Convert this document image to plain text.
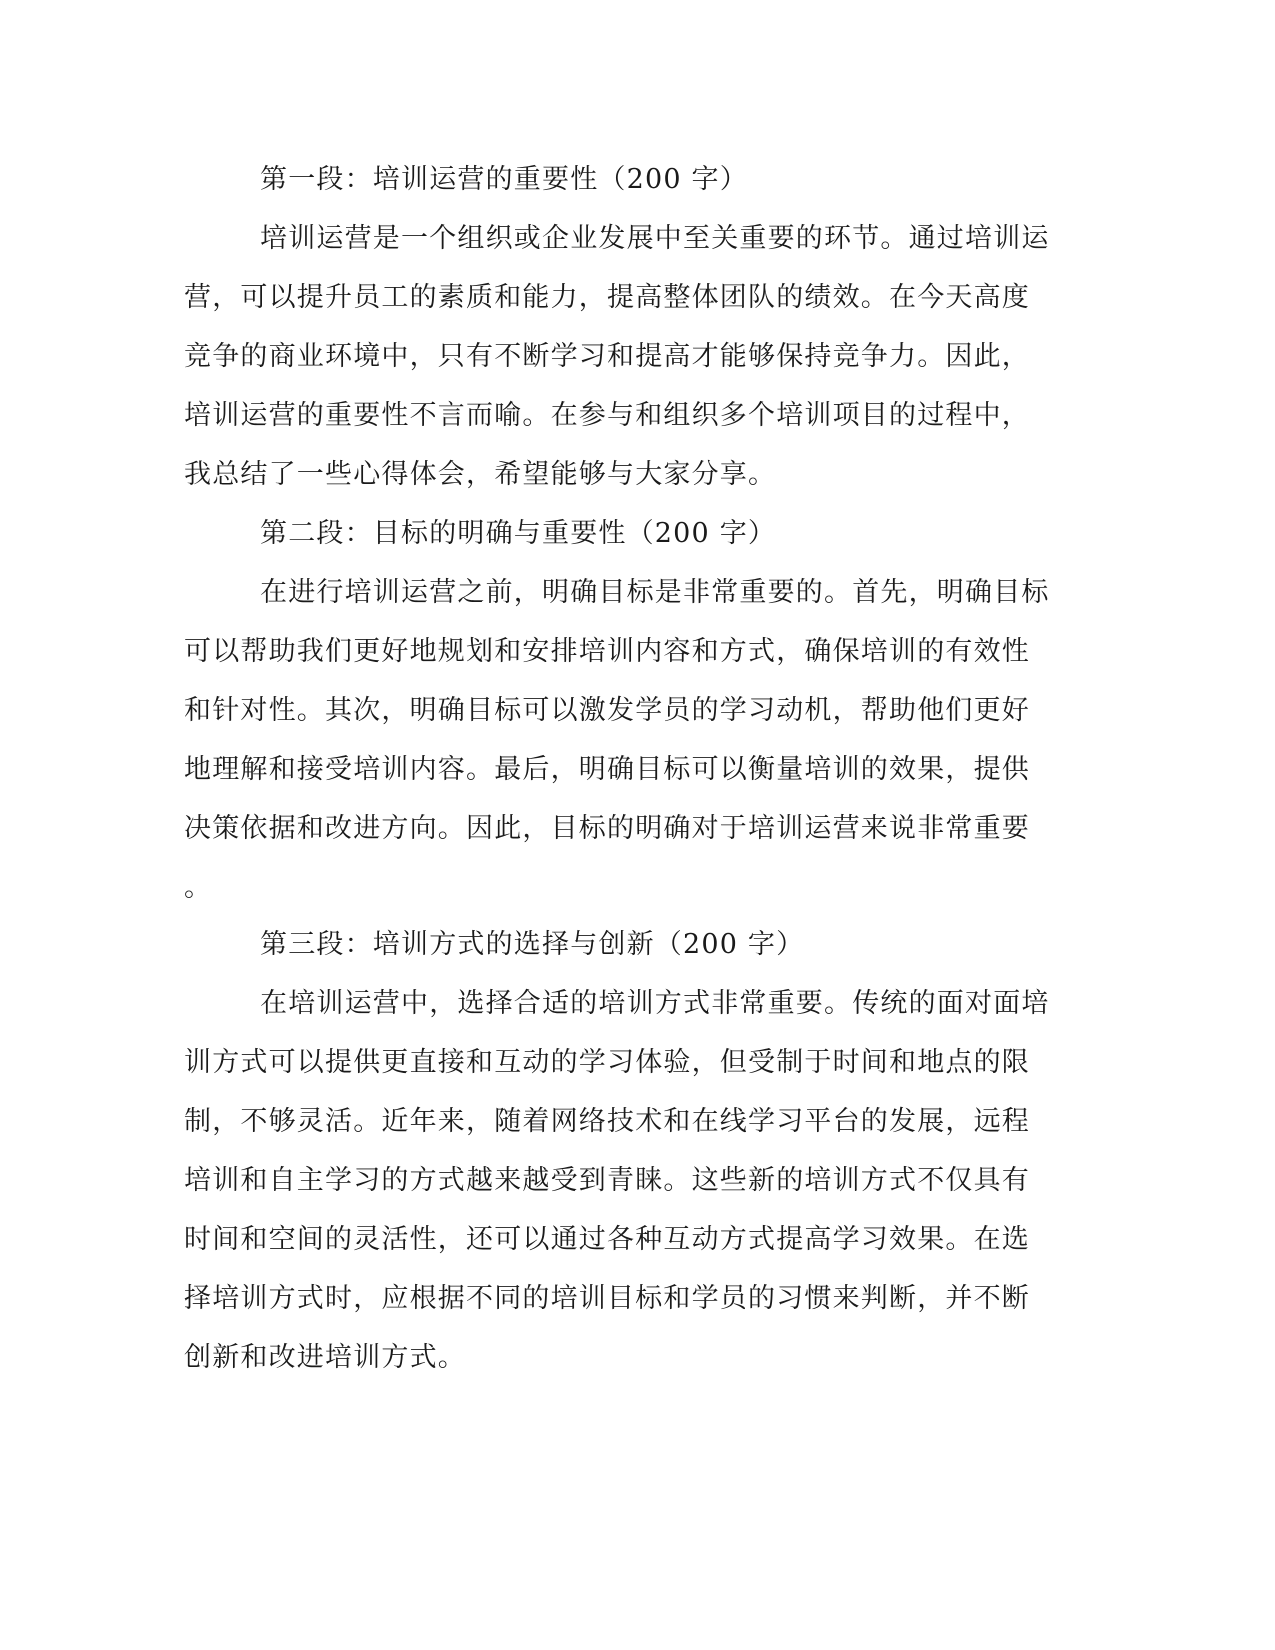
第一段：培训运营的重要性（200 字）

培训运营是一个组织或企业发展中至关重要的环节。通过培训运

营，可以提升员工的素质和能力，提高整体团队的绩效。在今天高度

竞争的商业环境中，只有不断学习和提高才能够保持竞争力。因此，

培训运营的重要性不言而喻。在参与和组织多个培训项目的过程中，

我总结了一些心得体会，希望能够与大家分享。

第二段：目标的明确与重要性（200 字）

在进行培训运营之前，明确目标是非常重要的。首先，明确目标

可以帮助我们更好地规划和安排培训内容和方式，确保培训的有效性

和针对性。其次，明确目标可以激发学员的学习动机，帮助他们更好

地理解和接受培训内容。最后，明确目标可以衡量培训的效果，提供

决策依据和改进方向。因此，目标的明确对于培训运营来说非常重要

。

第三段：培训方式的选择与创新（200 字）

在培训运营中，选择合适的培训方式非常重要。传统的面对面培

训方式可以提供更直接和互动的学习体验，但受制于时间和地点的限

制，不够灵活。近年来，随着网络技术和在线学习平台的发展，远程

培训和自主学习的方式越来越受到青睐。这些新的培训方式不仅具有

时间和空间的灵活性，还可以通过各种互动方式提高学习效果。在选

择培训方式时，应根据不同的培训目标和学员的习惯来判断，并不断

创新和改进培训方式。
